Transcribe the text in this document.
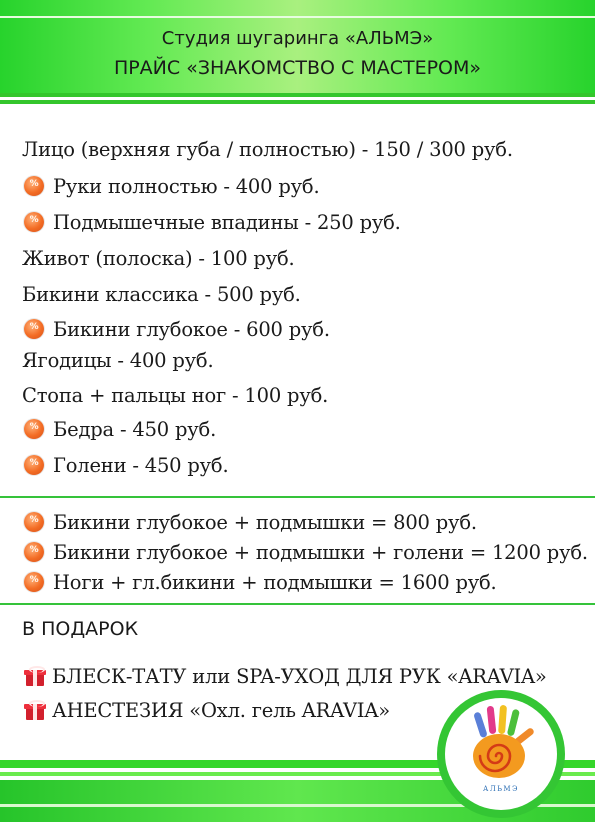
Студия шугаринга «АЛЬМЭ»
ПРАЙС «ЗНАКОМСТВО С МАСТЕРОМ»
Лицо (верхняя губа / полностью) - 150 / 300 руб.
%
Руки полностью - 400 руб.
%
Подмышечные впадины - 250 руб.
Живот (полоска) - 100 руб.
Бикини классика - 500 руб.
%
Бикини глубокое - 600 руб.
Ягодицы - 400 руб.
Стопа + пальцы ног - 100 руб.
%
Бедра - 450 руб.
%
Голени - 450 руб.
%
Бикини глубокое + подмышки = 800 руб.
%
Бикини глубокое + подмышки + голени = 1200 руб.
%
Ноги + гл.бикини + подмышки = 1600 руб.
В ПОДАРОК
БЛЕСК-ТАТУ или SPA-УХОД ДЛЯ РУК «ARAVIA»
АНЕСТЕЗИЯ «Охл. гель ARAVIA»
АЛЬМЭ
